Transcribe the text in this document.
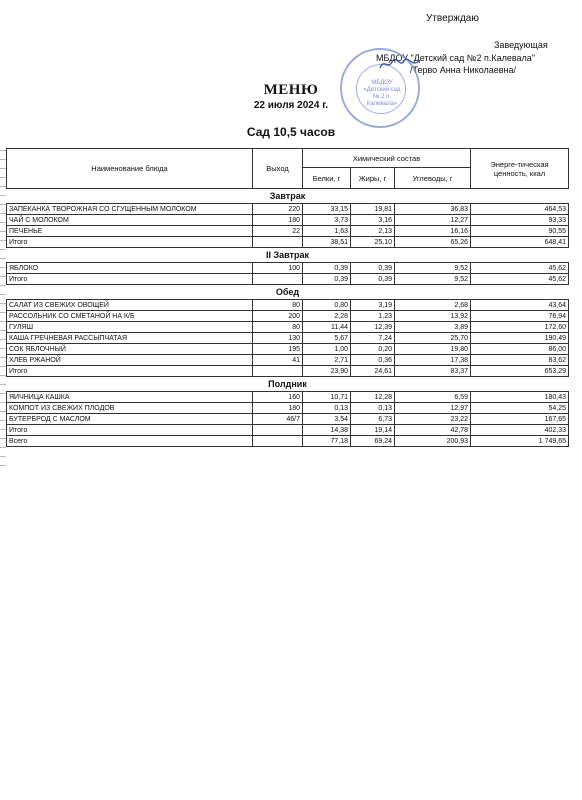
Утверждаю
Заведующая
МБДОУ "Детский сад №2 п.Калевала"
/Терво Анна Николаевна/
МБДОУ «Детский сад № 2 п. Калевала»
МЕНЮ
22 июля 2024 г.
Сад 10,5 часов
Наименование блюда	Выход	Химический состав			Энерге-тическая ценность, ккал
		Белки, г	Жиры, г	Углеводы, г	
Завтрак					
ЗАПЕКАНКА ТВОРОЖНАЯ СО СГУЩЕННЫМ МОЛОКОМ	220	33,15	19,81	36,83	464,53
ЧАЙ С МОЛОКОМ	180	3,73	3,16	12,27	93,33
ПЕЧЕНЬЕ	22	1,63	2,13	16,16	90,55
Итого		38,51	25,10	65,26	648,41
II Завтрак					
ЯБЛОКО	100	0,39	0,39	9,52	45,62
Итого		0,39	0,39	9,52	45,62
Обед					
САЛАТ ИЗ СВЕЖИХ ОВОЩЕЙ	80	0,80	3,19	2,68	43,64
РАССОЛЬНИК СО СМЕТАНОЙ НА К/Б	200	2,28	1,23	13,92	76,94
ГУЛЯШ	80	11,44	12,39	3,89	172,60
КАША ГРЕЧНЕВАЯ РАССЫПЧАТАЯ	130	5,67	7,24	25,70	190,49
СОК ЯБЛОЧНЫЙ	195	1,00	0,20	19,80	86,00
ХЛЕБ РЖАНОЙ	41	2,71	0,36	17,38	83,62
Итого		23,90	24,61	83,37	653,29
Полдник					
ЯИЧНИЦА КАШКА	160	10,71	12,28	6,59	180,43
КОМПОТ ИЗ СВЕЖИХ ПЛОДОВ	180	0,13	0,13	12,97	54,25
БУТЕРБРОД С МАСЛОМ	46/7	3,54	6,73	23,22	167,65
Итого		14,38	19,14	42,78	402,33
Всего		77,18	69,24	200,93	1 749,65
